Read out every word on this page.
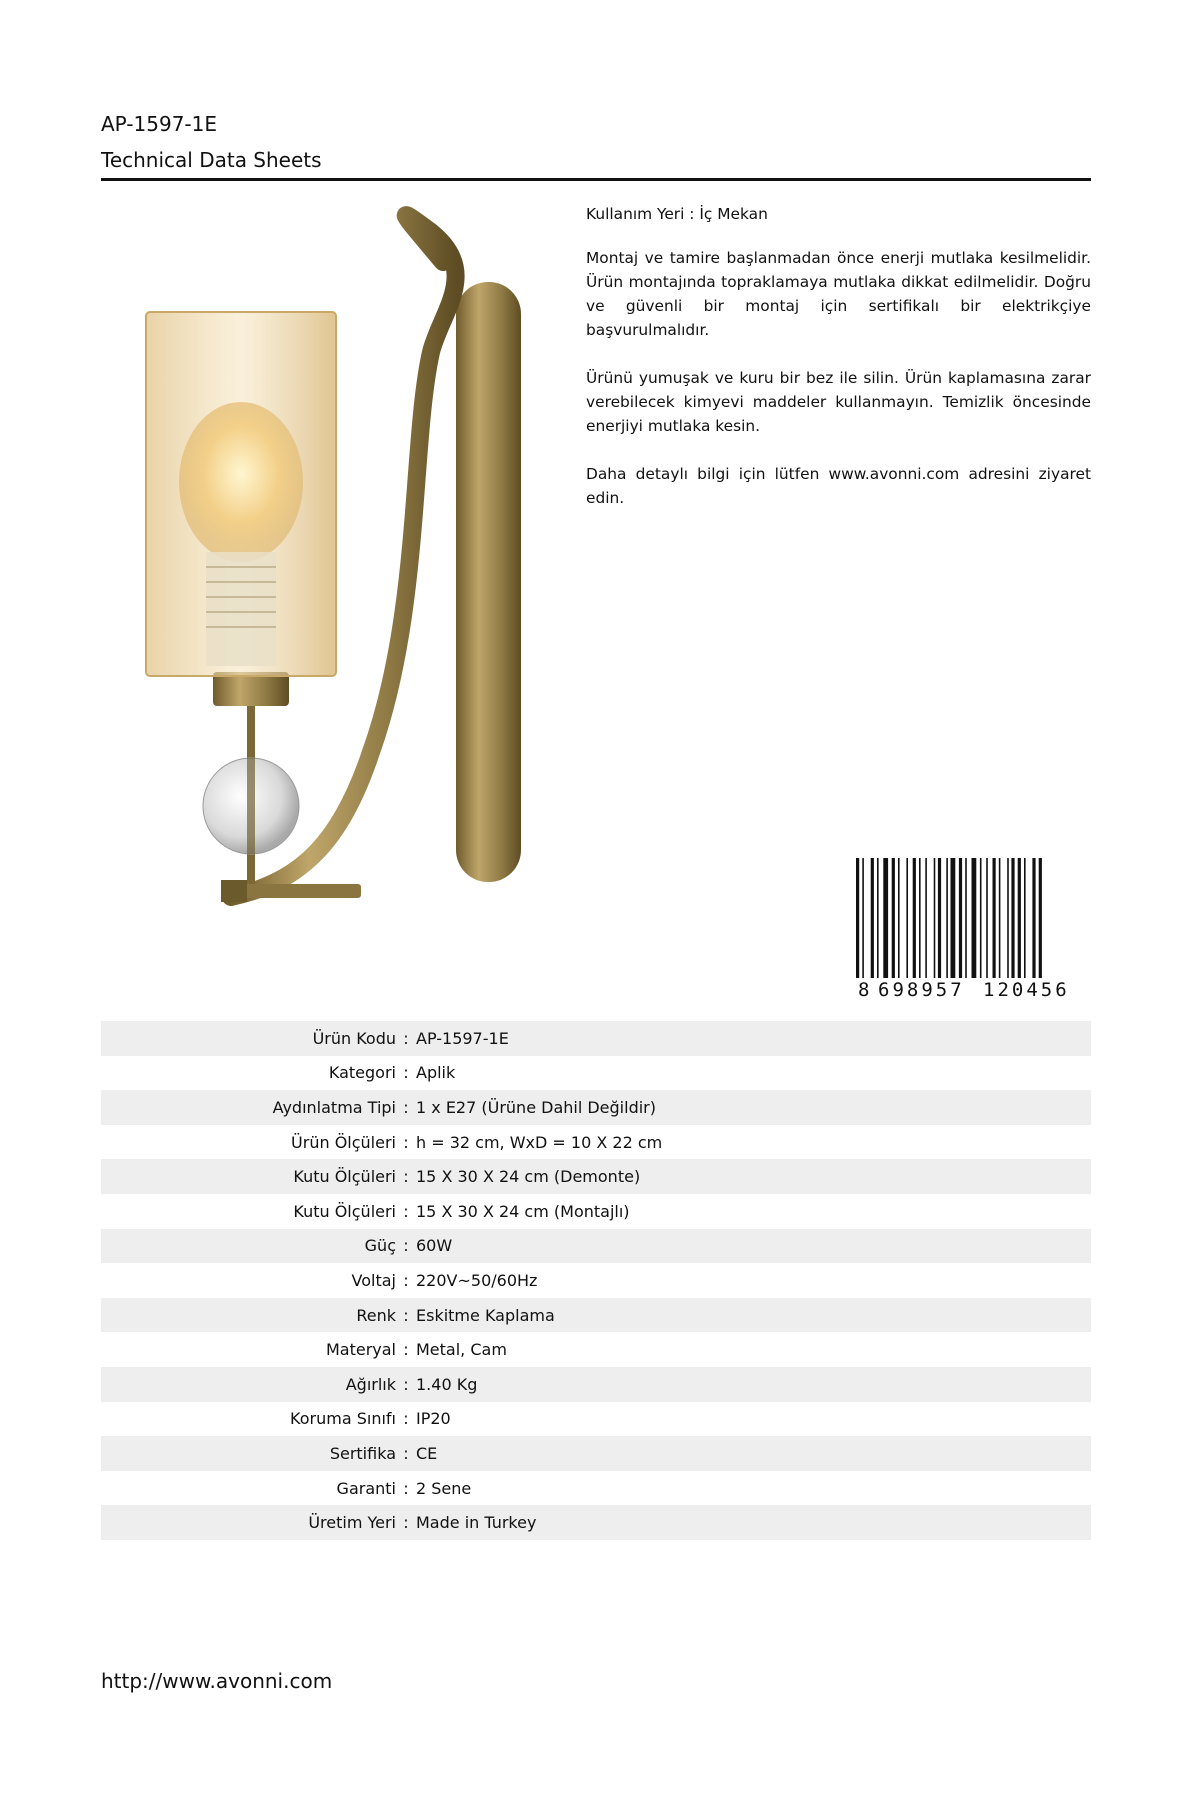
AP-1597-1E
Technical Data Sheets

Kullanım Yeri : İç Mekan

Montaj ve tamire başlanmadan önce enerji mutlaka kesilmelidir. Ürün montajında topraklamaya mutlaka dikkat edilmelidir. Doğru ve güvenli bir montaj için sertifikalı bir elektrikçiye başvurulmalıdır.

Ürünü yumuşak ve kuru bir bez ile silin. Ürün kaplamasına zarar verebilecek kimyevi maddeler kullanmayın. Temizlik öncesinde enerjiyi mutlaka kesin.

Daha detaylı bilgi için lütfen www.avonni.com adresini ziyaret edin.

8 698957 120456
Ürün Kodu : AP-1597-1E
Kategori : Aplik
Aydınlatma Tipi : 1 x E27 (Ürüne Dahil Değildir)
Ürün Ölçüleri : h = 32 cm, WxD = 10 X 22 cm
Kutu Ölçüleri : 15 X 30 X 24 cm (Demonte)
Kutu Ölçüleri : 15 X 30 X 24 cm (Montajlı)
Güç : 60W
Voltaj : 220V~50/60Hz
Renk : Eskitme Kaplama
Materyal : Metal, Cam
Ağırlık : 1.40 Kg
Koruma Sınıfı : IP20
Sertifika : CE
Garanti : 2 Sene
Üretim Yeri : Made in Turkey
http://www.avonni.com
